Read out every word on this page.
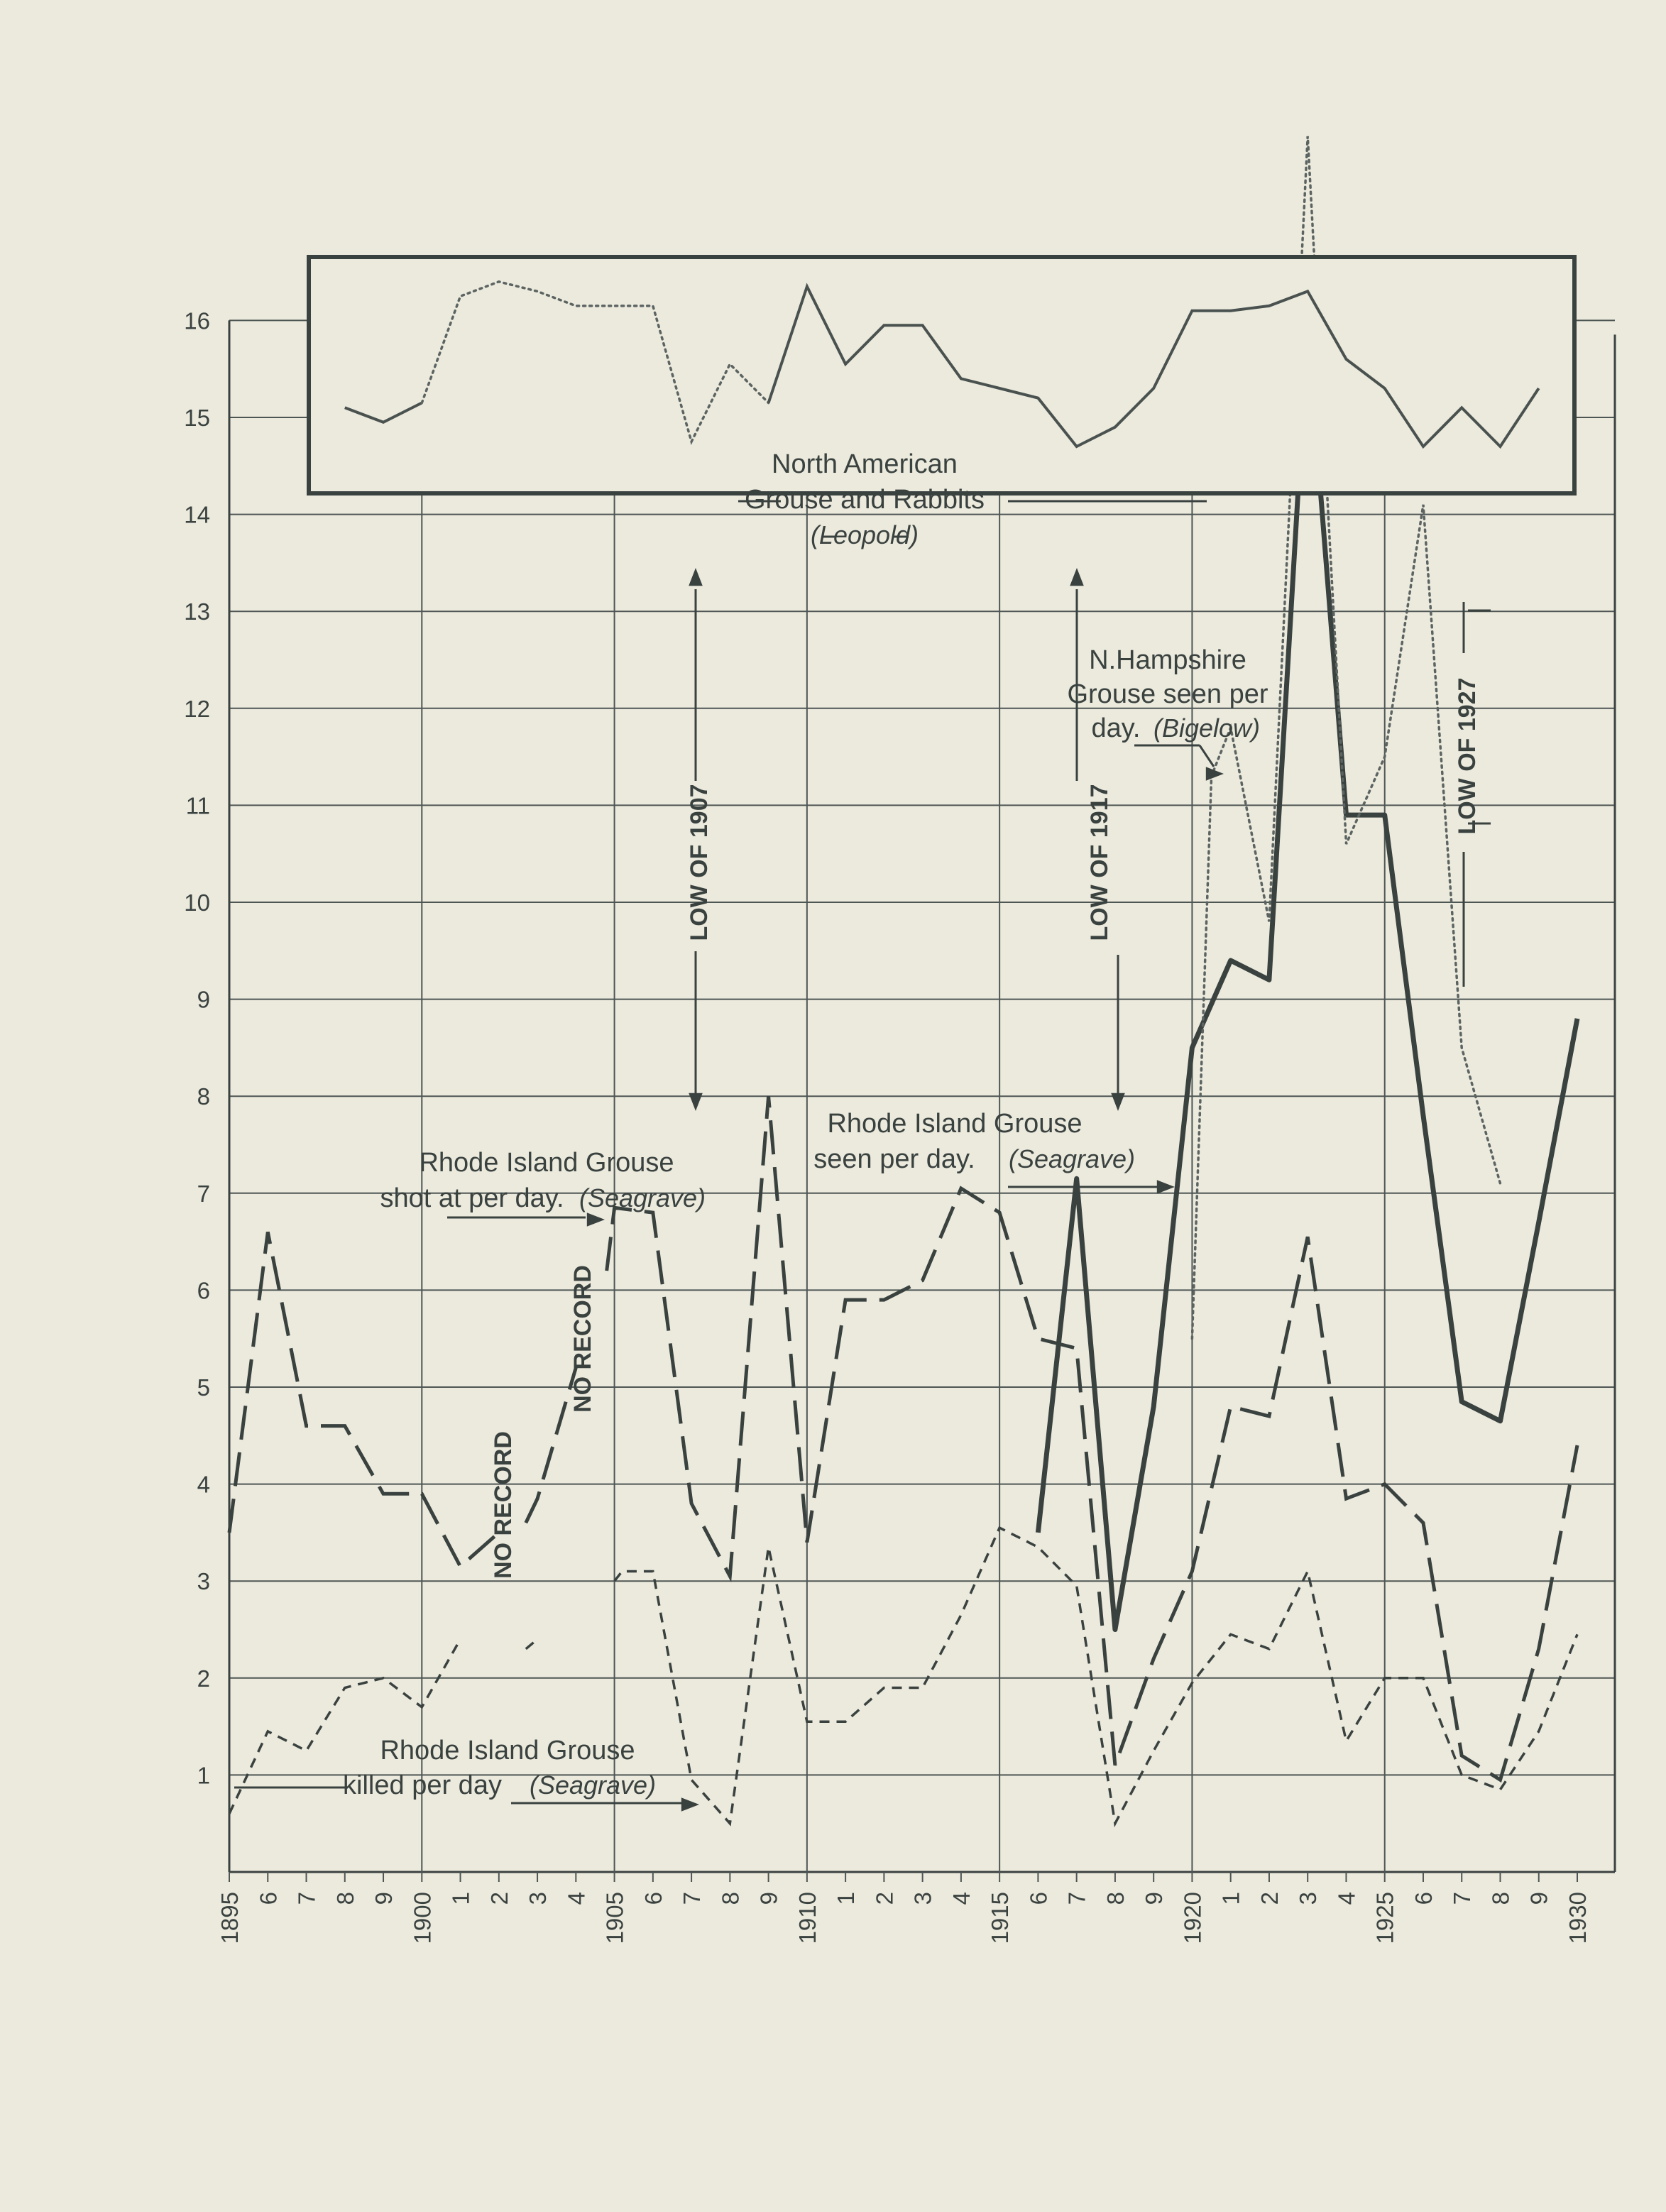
16
15
14
13
12
11
10
9
8
7
6
5
4
3
2
1
1895 6 7 8 9 1900 1 2 3 4 1905 6 7 8 9 1910 1 2 3 4 1915 6 7 8 9 1920 1 2 3 4 1925 6 7 8 9 1930
North American
Grouse and Rabbits
(Leopold)
Rhode Island Grouse
shot at per day. (Seagrave)
Rhode Island Grouse
seen per day. (Seagrave)
Rhode Island Grouse
killed per day (Seagrave)
N.Hampshire
Grouse seen per
day. (Bigelow)
LOW OF 1907	LOW OF 1917
LOW OF 1927
NO RECORD
NO RECORD
